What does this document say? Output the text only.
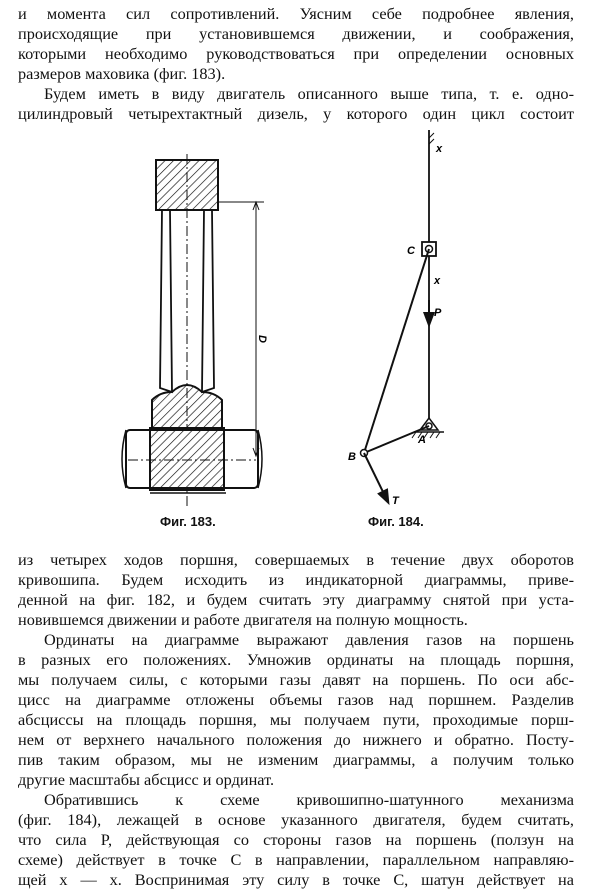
и момента сил сопротивлений. Уясним себе подробнее явления,

происходящие при установившемся движении, и соображения,

которыми необходимо руководствоваться при определении основных

размеров маховика (фиг. 183).

Будем иметь в виду двигатель описанного выше типа, т. е. одно-

цилиндровый четырехтактный дизель, у которого один цикл состоит

D
x
C
x
P
A
B
T
Фиг. 183.	Фиг. 184.

из четырех ходов поршня, совершаемых в течение двух оборотов

кривошипа. Будем исходить из индикаторной диаграммы, приве-

денной на фиг. 182, и будем считать эту диаграмму снятой при уста-

новившемся движении и работе двигателя на полную мощность.

Ординаты на диаграмме выражают давления газов на поршень

в разных его положениях. Умножив ординаты на площадь поршня,

мы получаем силы, с которыми газы давят на поршень. По оси абс-

цисс на диаграмме отложены объемы газов над поршнем. Разделив

абсциссы на площадь поршня, мы получаем пути, проходимые порш-

нем от верхнего начального положения до нижнего и обратно. Посту-

пив таким образом, мы не изменим диаграммы, а получим только

другие масштабы абсцисс и ординат.

Обратившись к схеме кривошипно-шатунного механизма

(фиг. 184), лежащей в основе указанного двигателя, будем считать,

что сила P, действующая со стороны газов на поршень (ползун на

схеме) действует в точке C в направлении, параллельном направляю-

щей x — x. Воспринимая эту силу в точке C, шатун действует на
